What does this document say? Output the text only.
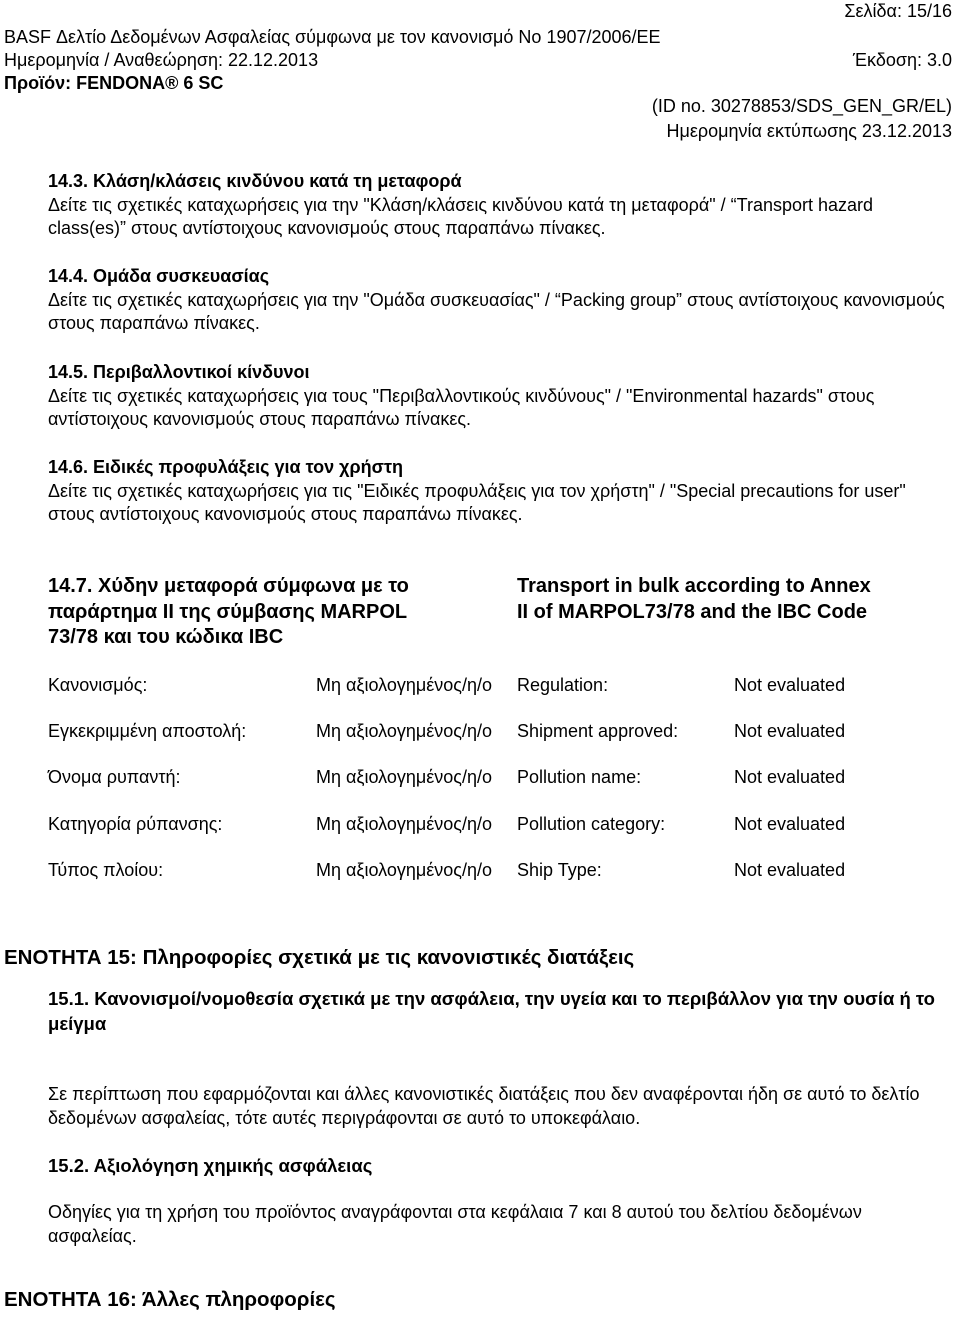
Σελίδα: 15/16
BASF Δελτίο Δεδομένων Ασφαλείας σύμφωνα με τον κανονισμό No 1907/2006/ΕΕ
Ημερομηνία / Αναθεώρηση: 22.12.2013	Έκδοση: 3.0
Προϊόν: FENDONA® 6 SC
(ID no. 30278853/SDS_GEN_GR/EL)
Ημερομηνία εκτύπωσης 23.12.2013

14.3. Κλάση/κλάσεις κινδύνου κατά τη μεταφορά

Δείτε τις σχετικές καταχωρήσεις για την "Κλάση/κλάσεις κινδύνου κατά τη μεταφορά" / “Transport hazard class(es)” στους αντίστοιχους κανονισμούς στους παραπάνω πίνακες.

14.4. Ομάδα συσκευασίας

Δείτε τις σχετικές καταχωρήσεις για την "Ομάδα συσκευασίας" / “Packing group” στους αντίστοιχους κανονισμούς στους παραπάνω πίνακες.

14.5. Περιβαλλοντικοί κίνδυνοι

Δείτε τις σχετικές καταχωρήσεις για τους "Περιβαλλοντικούς κινδύνους" / "Environmental hazards" στους αντίστοιχους κανονισμούς στους παραπάνω πίνακες.

14.6. Ειδικές προφυλάξεις για τον χρήστη

Δείτε τις σχετικές καταχωρήσεις για τις "Ειδικές προφυλάξεις για τον χρήστη" / "Special precautions for user" στους αντίστοιχους κανονισμούς στους παραπάνω πίνακες.

14.7. Χύδην μεταφορά σύμφωνα με το
παράρτημα II της σύμβασης MARPOL
73/78 και του κώδικα IBC
Transport in bulk according to Annex
II of MARPOL73/78 and the IBC Code
Κανονισμός:	Μη αξιολογημένος/η/ο	Regulation:	Not evaluated
Εγκεκριμμένη αποστολή:	Μη αξιολογημένος/η/ο	Shipment approved:	Not evaluated
Όνομα ρυπαντή:	Μη αξιολογημένος/η/ο	Pollution name:	Not evaluated
Κατηγορία ρύπανσης:	Μη αξιολογημένος/η/ο	Pollution category:	Not evaluated
Τύπος πλοίου:	Μη αξιολογημένος/η/ο	Ship Type:	Not evaluated
ΕΝΟΤΗΤΑ 15: Πληροφορίες σχετικά με τις κανονιστικές διατάξεις
15.1. Κανονισμοί/νομοθεσία σχετικά με την ασφάλεια, την υγεία και το περιβάλλον για την ουσία ή το μείγμα
Σε περίπτωση που εφαρμόζονται και άλλες κανονιστικές διατάξεις που δεν αναφέρονται ήδη σε αυτό το δελτίο δεδομένων ασφαλείας, τότε αυτές περιγράφονται σε αυτό το υποκεφάλαιο.
15.2. Αξιολόγηση χημικής ασφάλειας
Οδηγίες για τη χρήση του προϊόντος αναγράφονται στα κεφάλαια 7 και 8 αυτού του δελτίου δεδομένων ασφαλείας.
ΕΝΟΤΗΤΑ 16: Άλλες πληροφορίες
